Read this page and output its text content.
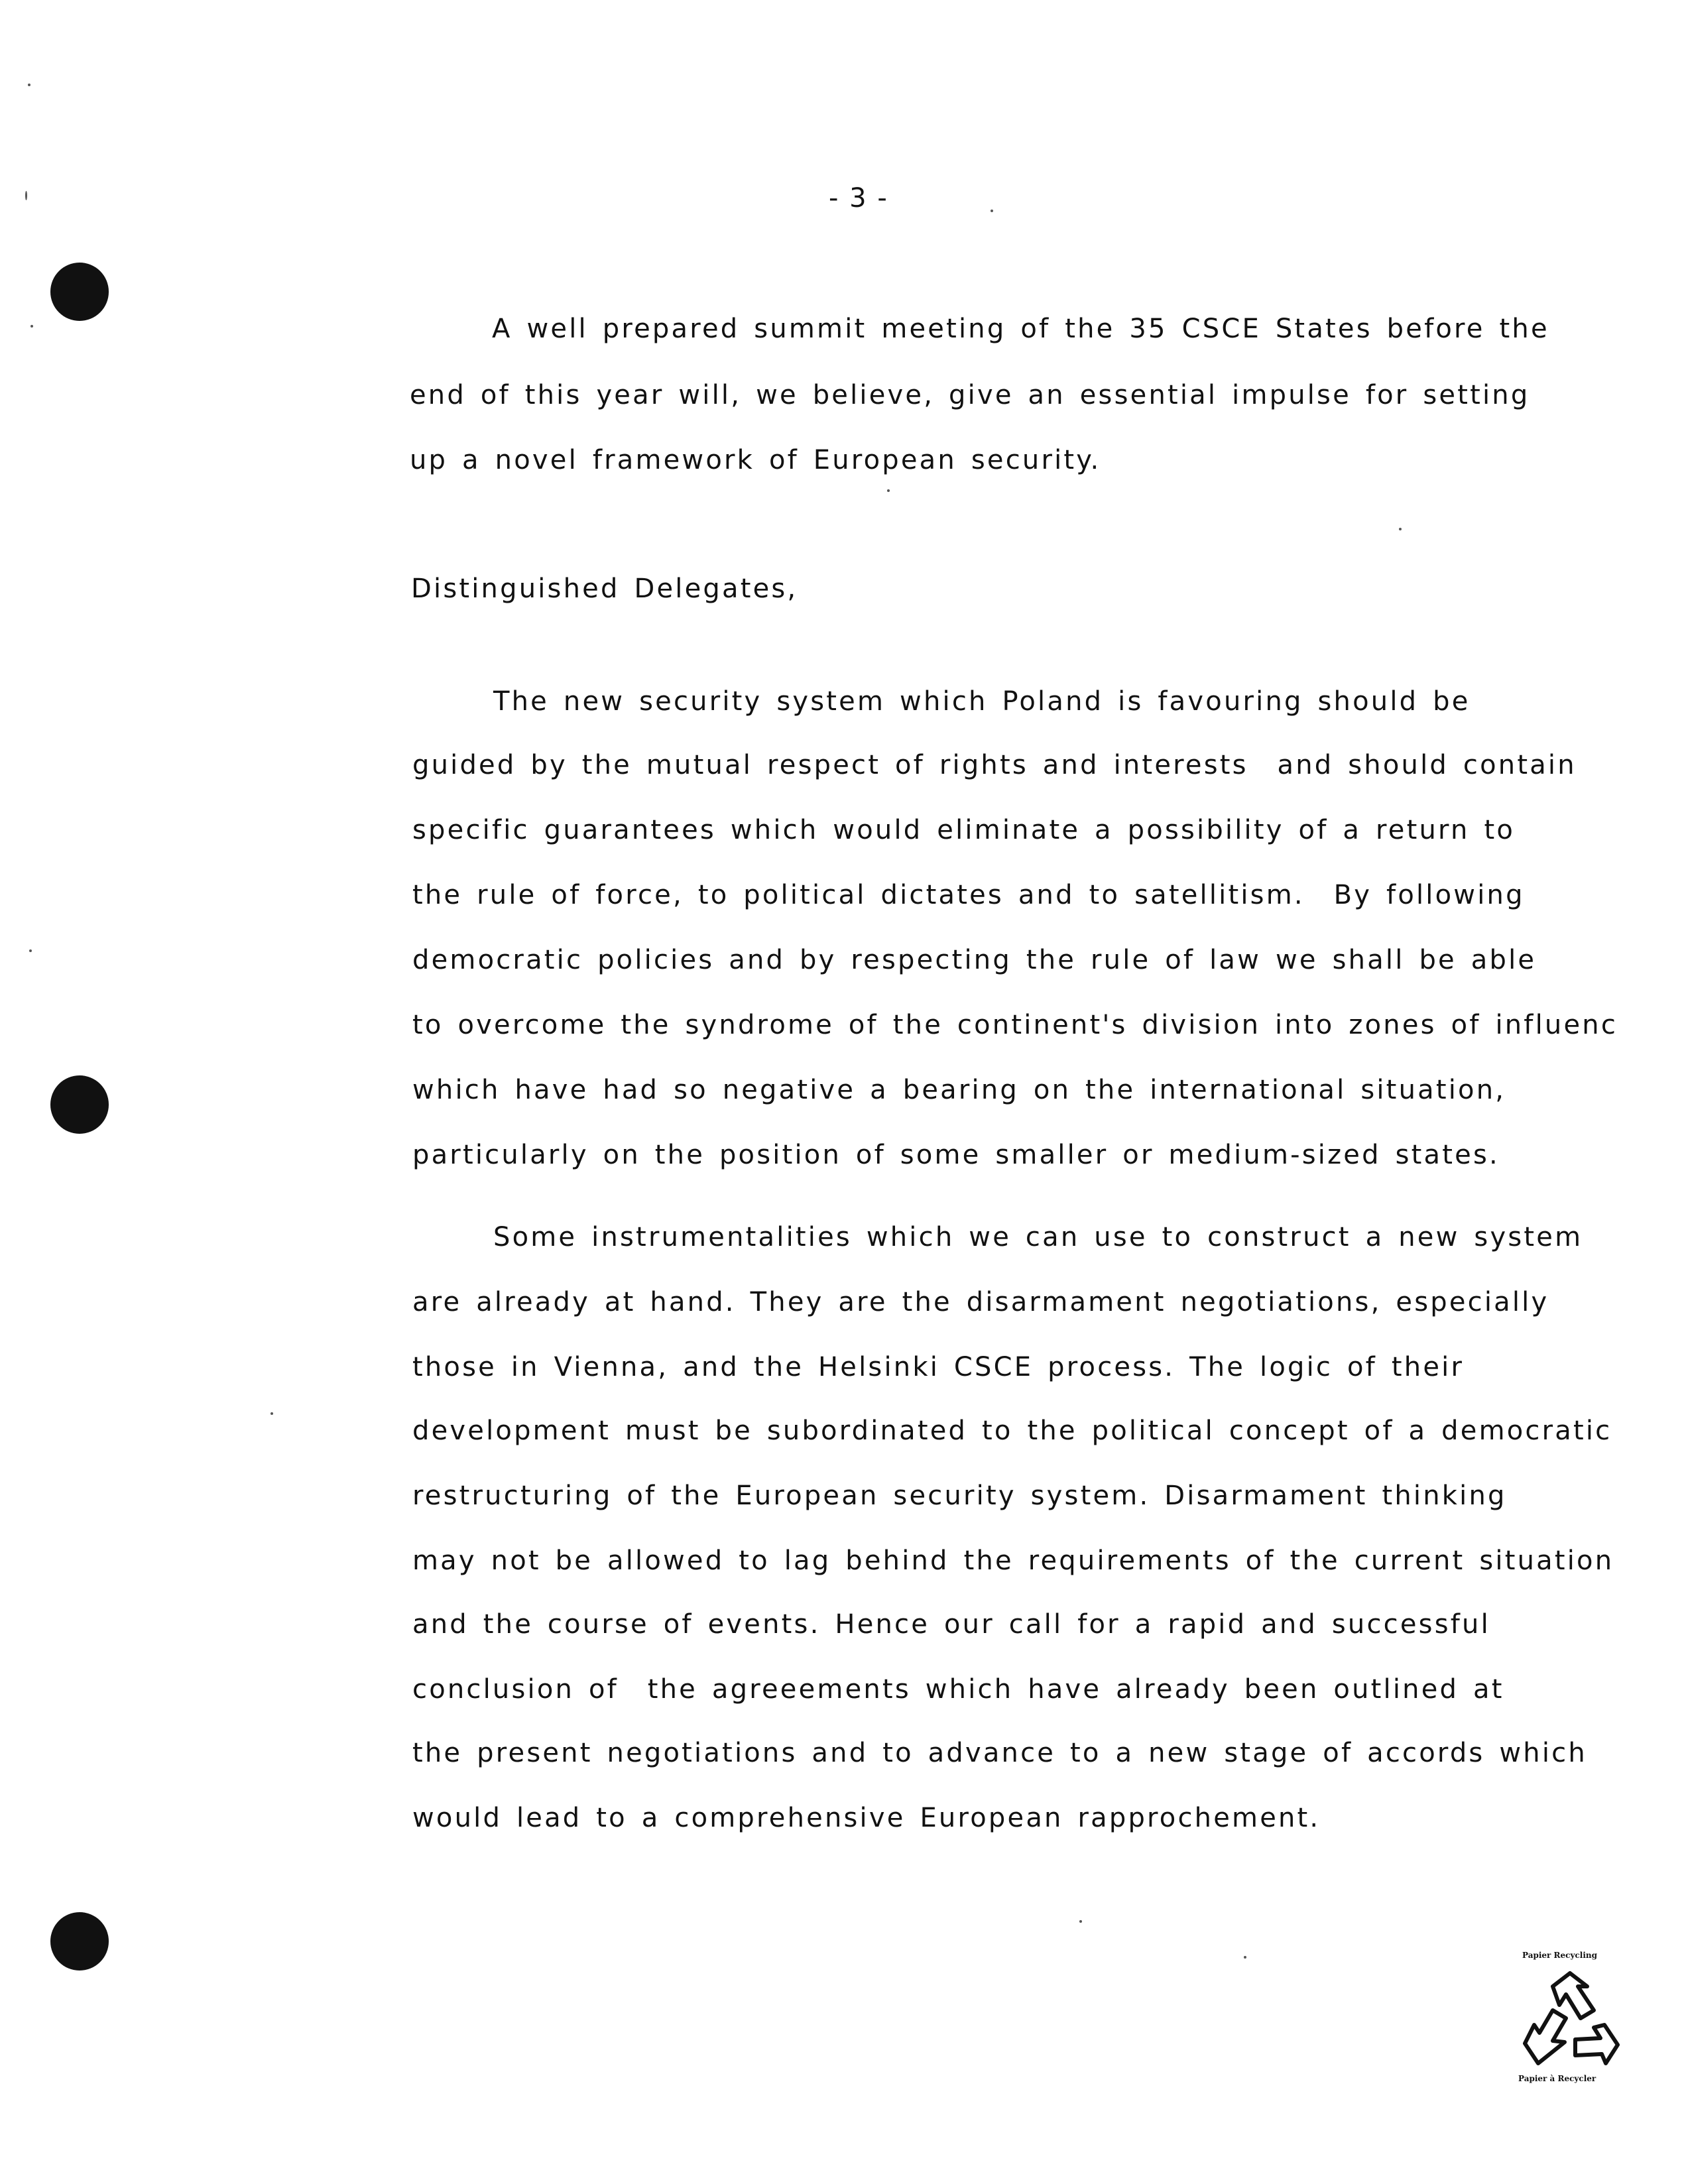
- 3 -
A well prepared summit meeting of the 35 CSCE States before the
end of this year will, we believe, give an essential impulse for setting
up a novel framework of European security.
Distinguished Delegates,
The new security system which Poland is favouring should be
guided by the mutual respect of rights and interests  and should contain
specific guarantees which would eliminate a possibility of a return to
the rule of force, to political dictates and to satellitism.  By following
democratic policies and by respecting the rule of law we shall be able
to overcome the syndrome of the continent's division into zones of influenc
which have had so negative a bearing on the international situation,
particularly on the position of some smaller or medium-sized states.
Some instrumentalities which we can use to construct a new system
are already at hand. They are the disarmament negotiations, especially
those in Vienna, and the Helsinki CSCE process. The logic of their
development must be subordinated to the political concept of a democratic
restructuring of the European security system. Disarmament thinking
may not be allowed to lag behind the requirements of the current situation
and the course of events. Hence our call for a rapid and successful
conclusion of  the agreeements which have already been outlined at
the present negotiations and to advance to a new stage of accords which
would lead to a comprehensive European rapprochement.
Papier Recycling
Papier à Recycler
